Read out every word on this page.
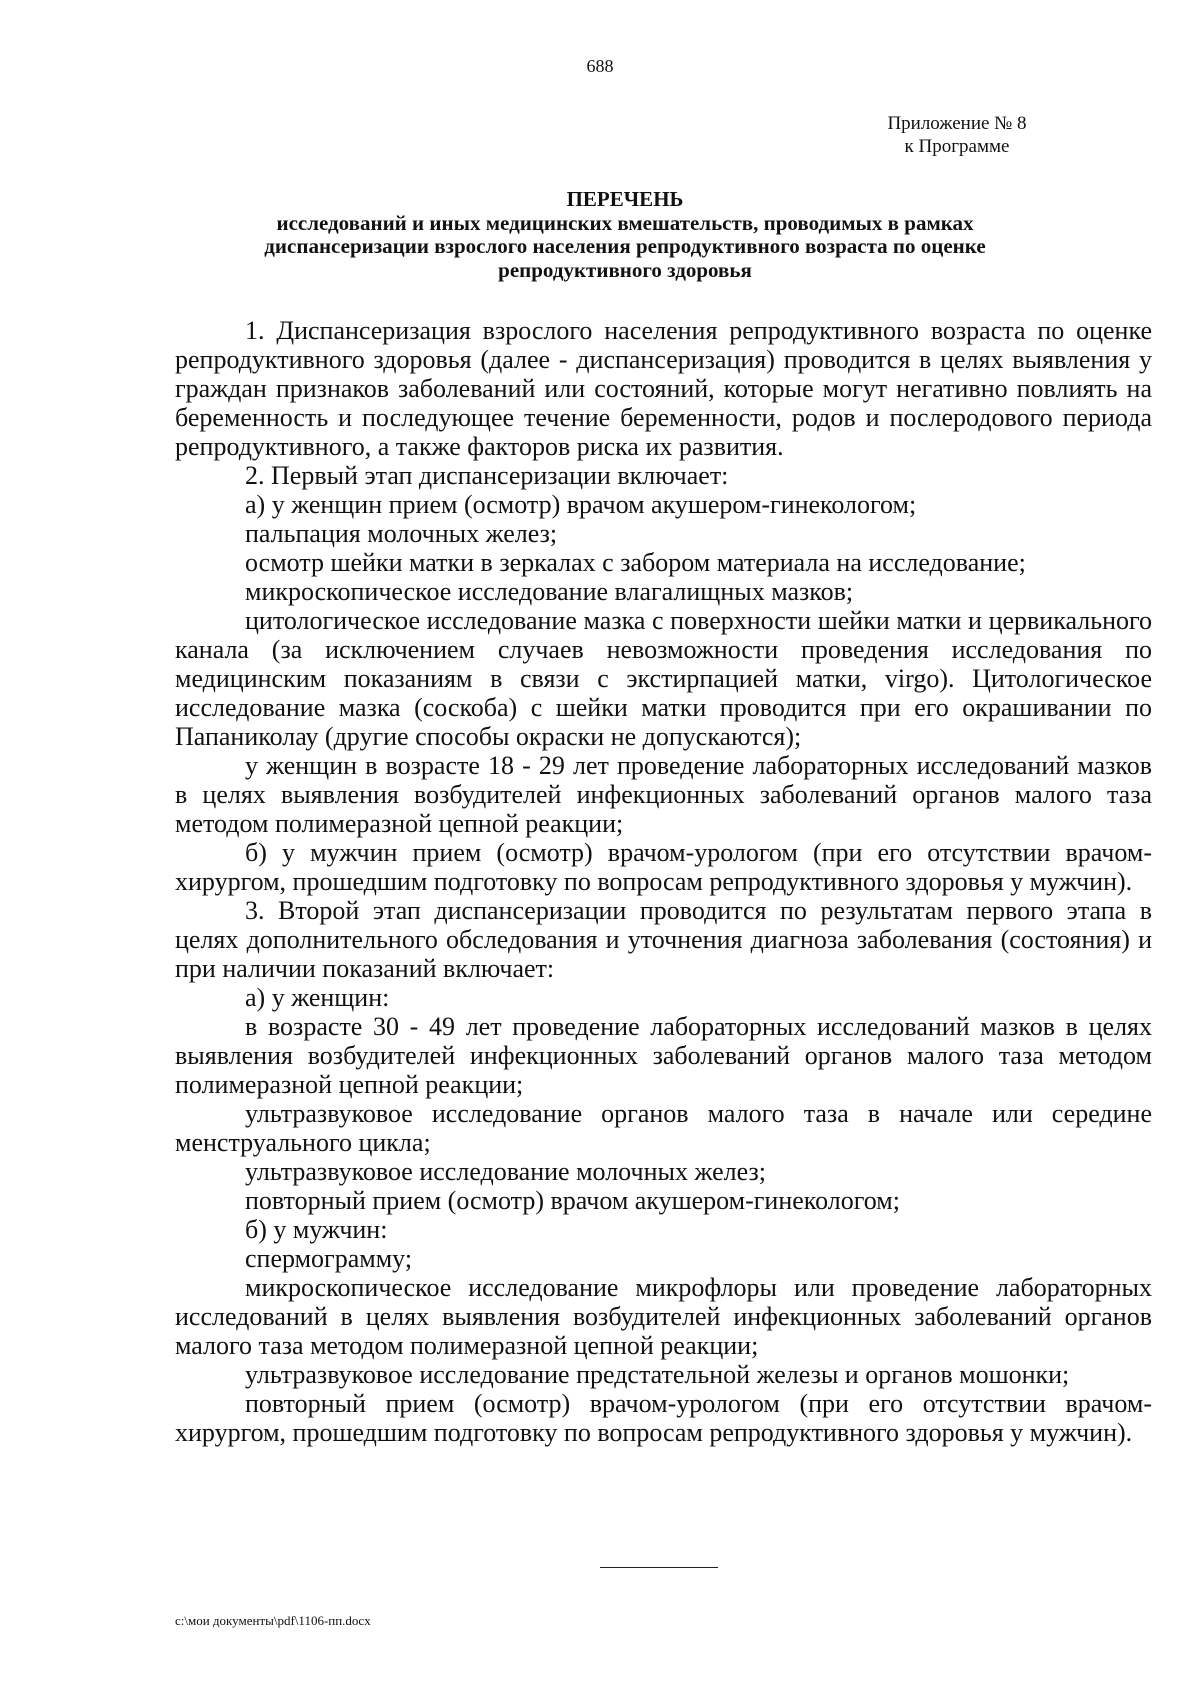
688
Приложение № 8
к Программе
ПЕРЕЧЕНЬ
исследований и иных медицинских вмешательств, проводимых в рамках
диспансеризации взрослого населения репродуктивного возраста по оценке
репродуктивного здоровья

1. Диспансеризация взрослого населения репродуктивного возраста по оценке репродуктивного здоровья (далее - диспансеризация) проводится в целях выявления у граждан признаков заболеваний или состояний, которые могут негативно повлиять на беременность и последующее течение беременности, родов и послеродового периода репродуктивного, а также факторов риска их развития.

2. Первый этап диспансеризации включает:

а) у женщин прием (осмотр) врачом акушером-гинекологом;

пальпация молочных желез;

осмотр шейки матки в зеркалах с забором материала на исследование;

микроскопическое исследование влагалищных мазков;

цитологическое исследование мазка с поверхности шейки матки и цервикального канала (за исключением случаев невозможности проведения исследования по медицинским показаниям в связи с экстирпацией матки, virgo). Цитологическое исследование мазка (соскоба) с шейки матки проводится при его окрашивании по Папаниколау (другие способы окраски не допускаются);

у женщин в возрасте 18 - 29 лет проведение лабораторных исследований мазков в целях выявления возбудителей инфекционных заболеваний органов малого таза методом полимеразной цепной реакции;

б) у мужчин прием (осмотр) врачом-урологом (при его отсутствии врачом-хирургом, прошедшим подготовку по вопросам репродуктивного здоровья у мужчин).

3. Второй этап диспансеризации проводится по результатам первого этапа в целях дополнительного обследования и уточнения диагноза заболевания (состояния) и при наличии показаний включает:

а) у женщин:

в возрасте 30 - 49 лет проведение лабораторных исследований мазков в целях выявления возбудителей инфекционных заболеваний органов малого таза методом полимеразной цепной реакции;

ультразвуковое исследование органов малого таза в начале или середине менструального цикла;

ультразвуковое исследование молочных желез;

повторный прием (осмотр) врачом акушером-гинекологом;

б) у мужчин:

спермограмму;

микроскопическое исследование микрофлоры или проведение лабораторных исследований в целях выявления возбудителей инфекционных заболеваний органов малого таза методом полимеразной цепной реакции;

ультразвуковое исследование предстательной железы и органов мошонки;

повторный прием (осмотр) врачом-урологом (при его отсутствии врачом-хирургом, прошедшим подготовку по вопросам репродуктивного здоровья у мужчин).

c:\мои документы\pdf\1106-пп.docx
